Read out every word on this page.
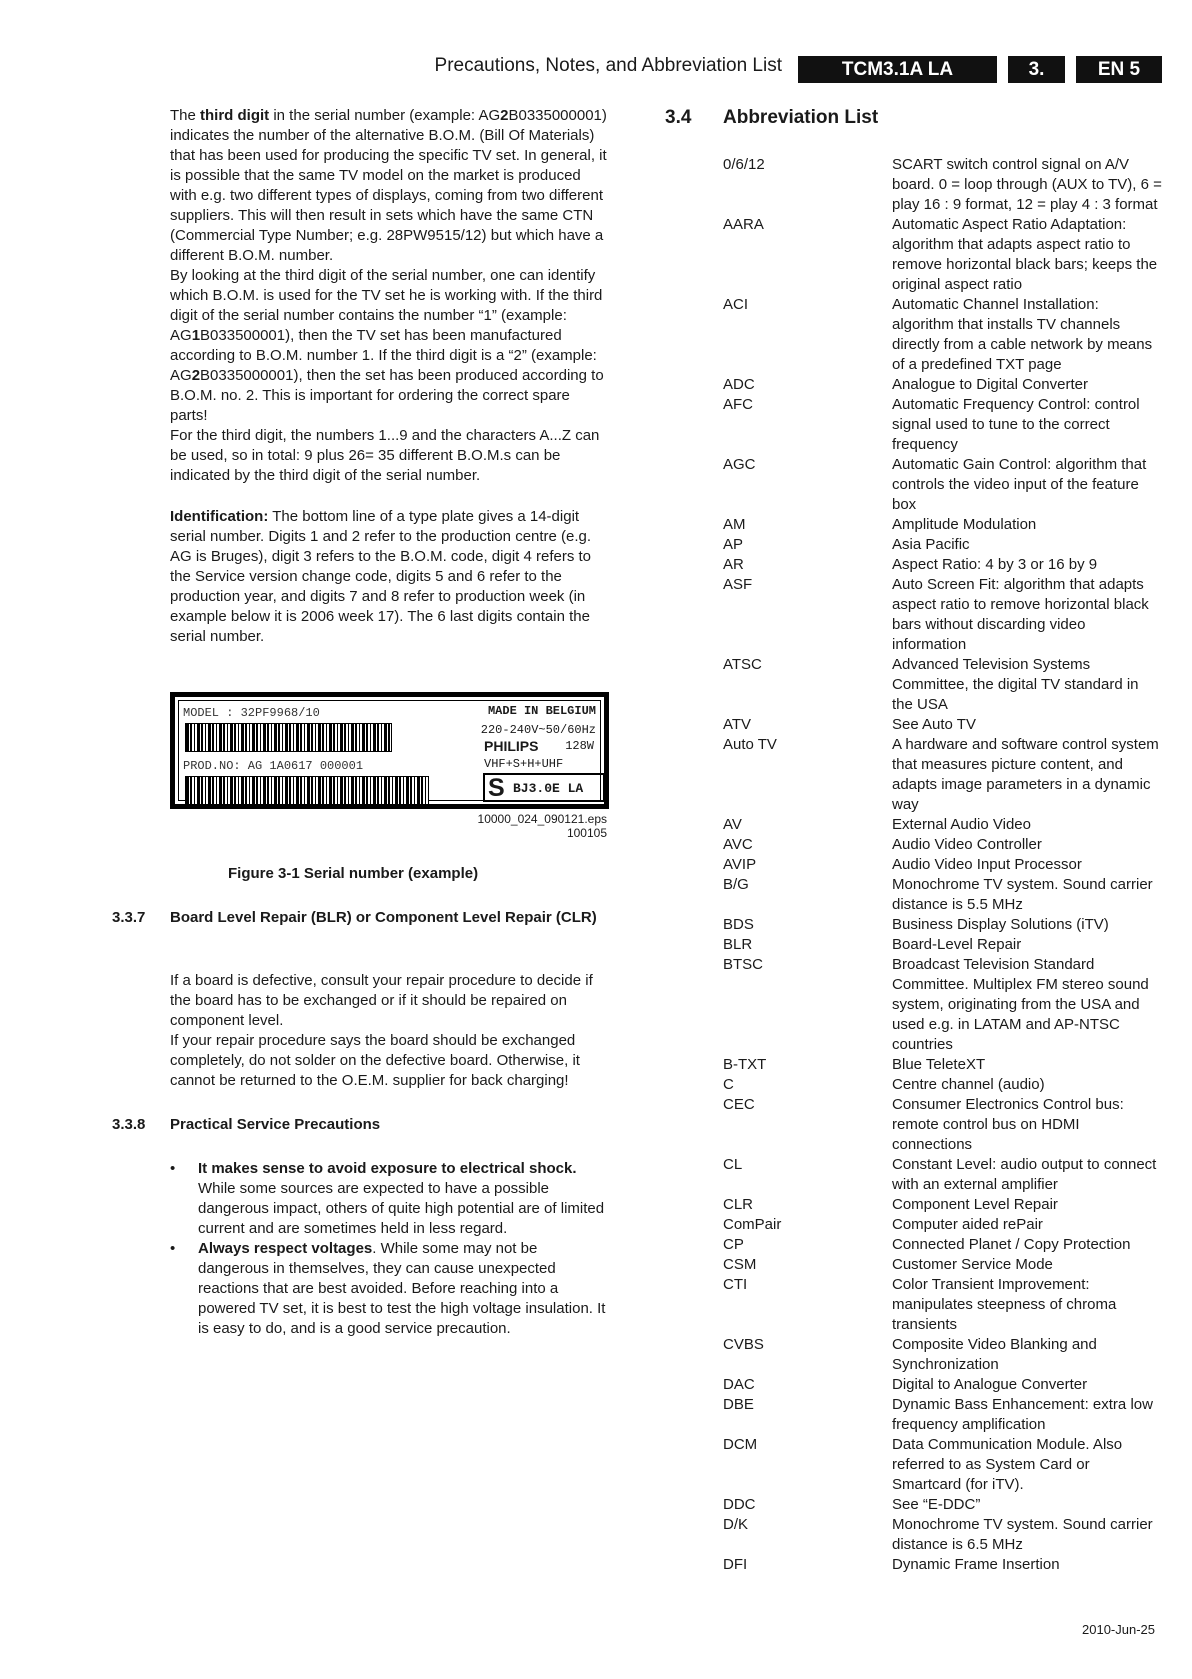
Precautions, Notes, and Abbreviation List	TCM3.1A LA	3.	EN 5

The third digit in the serial number (example: AG2B0335000001) indicates the number of the alternative B.O.M. (Bill Of Materials) that has been used for producing the specific TV set. In general, it is possible that the same TV model on the market is produced with e.g. two different types of displays, coming from two different suppliers. This will then result in sets which have the same CTN (Commercial Type Number; e.g. 28PW9515/12) but which have a different B.O.M. number.

By looking at the third digit of the serial number, one can identify which B.O.M. is used for the TV set he is working with. If the third digit of the serial number contains the number “1” (example: AG1B033500001), then the TV set has been manufactured according to B.O.M. number 1. If the third digit is a “2” (example: AG2B0335000001), then the set has been produced according to B.O.M. no. 2. This is important for ordering the correct spare parts!

For the third digit, the numbers 1...9 and the characters A...Z can be used, so in total: 9 plus 26= 35 different B.O.M.s can be indicated by the third digit of the serial number.

Identification: The bottom line of a type plate gives a 14-digit serial number. Digits 1 and 2 refer to the production centre (e.g. AG is Bruges), digit 3 refers to the B.O.M. code, digit 4 refers to the Service version change code, digits 5 and 6 refer to the production year, and digits 7 and 8 refer to production week (in example below it is 2006 week 17). The 6 last digits contain the serial number.

MODEL : 32PF9968/10	MADE IN BELGIUM
220-240V~50/60Hz
PHILIPS 128W
PROD.NO: AG 1A0617 000001	VHF+S+H+UHF
S BJ3.0E LA
10000_024_090121.eps
100105
Figure 3-1 Serial number (example)
3.3.7 Board Level Repair (BLR) or Component Level Repair (CLR)

If a board is defective, consult your repair procedure to decide if the board has to be exchanged or if it should be repaired on component level.

If your repair procedure says the board should be exchanged completely, do not solder on the defective board. Otherwise, it cannot be returned to the O.E.M. supplier for back charging!

3.3.8 Practical Service Precautions
• It makes sense to avoid exposure to electrical shock. While some sources are expected to have a possible dangerous impact, others of quite high potential are of limited current and are sometimes held in less regard.
• Always respect voltages. While some may not be dangerous in themselves, they can cause unexpected reactions that are best avoided. Before reaching into a powered TV set, it is best to test the high voltage insulation. It is easy to do, and is a good service precaution.
3.4 Abbreviation List
0/6/12	SCART switch control signal on A/V board. 0 = loop through (AUX to TV), 6 = play 16 : 9 format, 12 = play 4 : 3 format
AARA	Automatic Aspect Ratio Adaptation: algorithm that adapts aspect ratio to remove horizontal black bars; keeps the original aspect ratio
ACI	Automatic Channel Installation: algorithm that installs TV channels directly from a cable network by means of a predefined TXT page
ADC	Analogue to Digital Converter
AFC	Automatic Frequency Control: control signal used to tune to the correct frequency
AGC	Automatic Gain Control: algorithm that controls the video input of the feature box
AM	Amplitude Modulation
AP	Asia Pacific
AR	Aspect Ratio: 4 by 3 or 16 by 9
ASF	Auto Screen Fit: algorithm that adapts aspect ratio to remove horizontal black bars without discarding video information
ATSC	Advanced Television Systems Committee, the digital TV standard in the USA
ATV	See Auto TV
Auto TV	A hardware and software control system that measures picture content, and adapts image parameters in a dynamic way
AV	External Audio Video
AVC	Audio Video Controller
AVIP	Audio Video Input Processor
B/G	Monochrome TV system. Sound carrier distance is 5.5 MHz
BDS	Business Display Solutions (iTV)
BLR	Board-Level Repair
BTSC	Broadcast Television Standard Committee. Multiplex FM stereo sound system, originating from the USA and used e.g. in LATAM and AP-NTSC countries
B-TXT	Blue TeleteXT
C	Centre channel (audio)
CEC	Consumer Electronics Control bus: remote control bus on HDMI connections
CL	Constant Level: audio output to connect with an external amplifier
CLR	Component Level Repair
ComPair	Computer aided rePair
CP	Connected Planet / Copy Protection
CSM	Customer Service Mode
CTI	Color Transient Improvement: manipulates steepness of chroma transients
CVBS	Composite Video Blanking and Synchronization
DAC	Digital to Analogue Converter
DBE	Dynamic Bass Enhancement: extra low frequency amplification
DCM	Data Communication Module. Also referred to as System Card or Smartcard (for iTV).
DDC	See “E-DDC”
D/K	Monochrome TV system. Sound carrier distance is 6.5 MHz
DFI	Dynamic Frame Insertion
2010-Jun-25
